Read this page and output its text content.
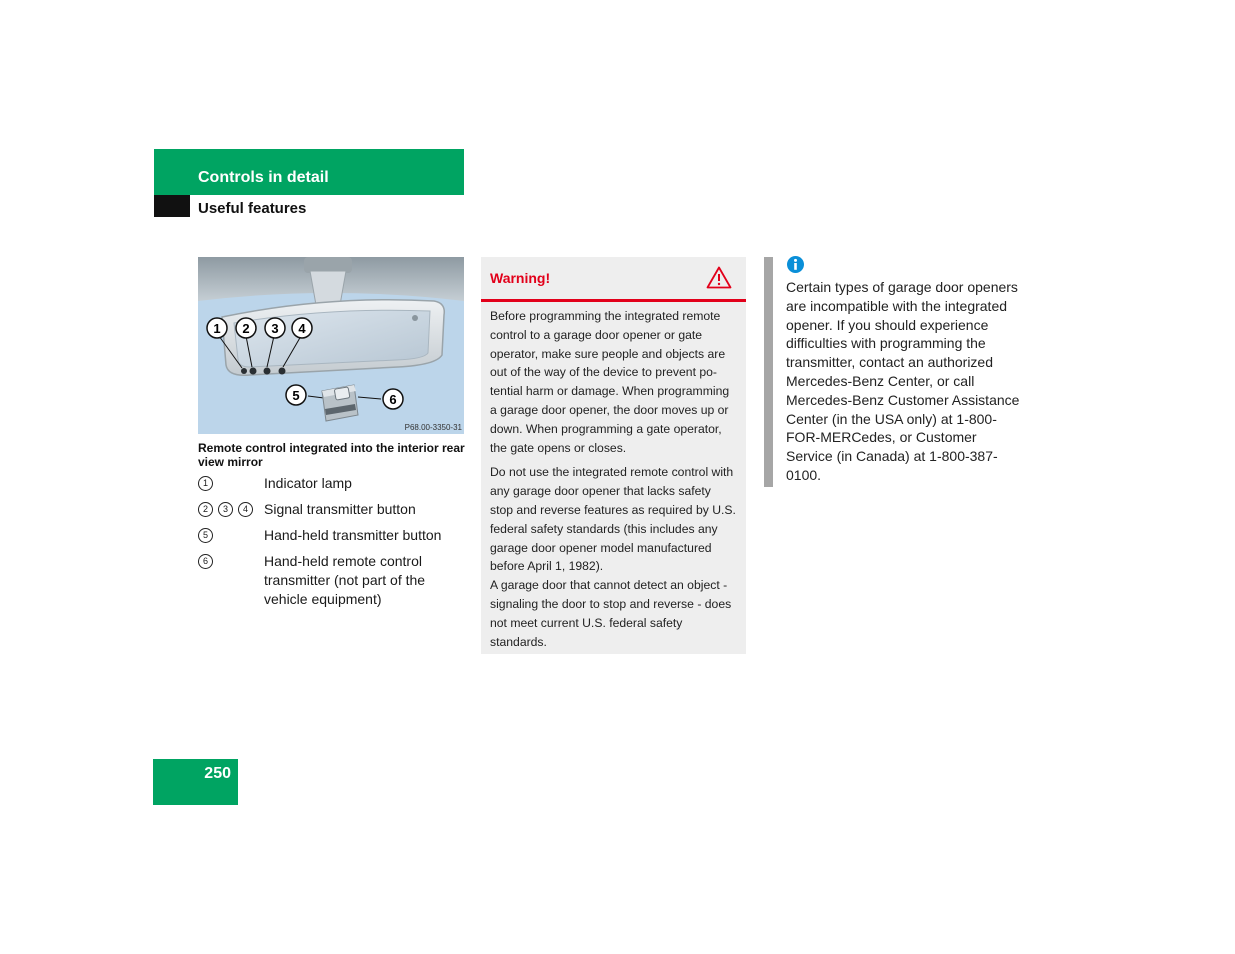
Controls in detail
Useful features
1 2 3 4
5	6
P68.00-3350-31
Remote control integrated into the interior rear view mirror
1	Indicator lamp
2	3	4	Signal transmitter button
5	Hand-held transmitter button
6	Hand-held remote control transmitter (not part of the vehicle equipment)
Warning!

Before programming the integrated remote control to a garage door opener or gate operator, make sure people and objects are out of the way of the device to prevent po-tential harm or damage. When programming a garage door opener, the door moves up or down. When programming a gate operator, the gate opens or closes.

Do not use the integrated remote control with any garage door opener that lacks safety stop and reverse features as required by U.S. federal safety standards (this includes any garage door opener model manufactured before April 1, 1982).

A garage door that cannot detect an object - signaling the door to stop and reverse - does not meet current U.S. federal safety standards.

Certain types of garage door openers are incompatible with the integrated opener. If you should experience difficulties with programming the transmitter, contact an authorized Mercedes-Benz Center, or call Mercedes-Benz Customer Assistance Center (in the USA only) at 1-800-FOR-MERCedes, or Customer Service (in Canada) at 1-800-387-0100.
250
